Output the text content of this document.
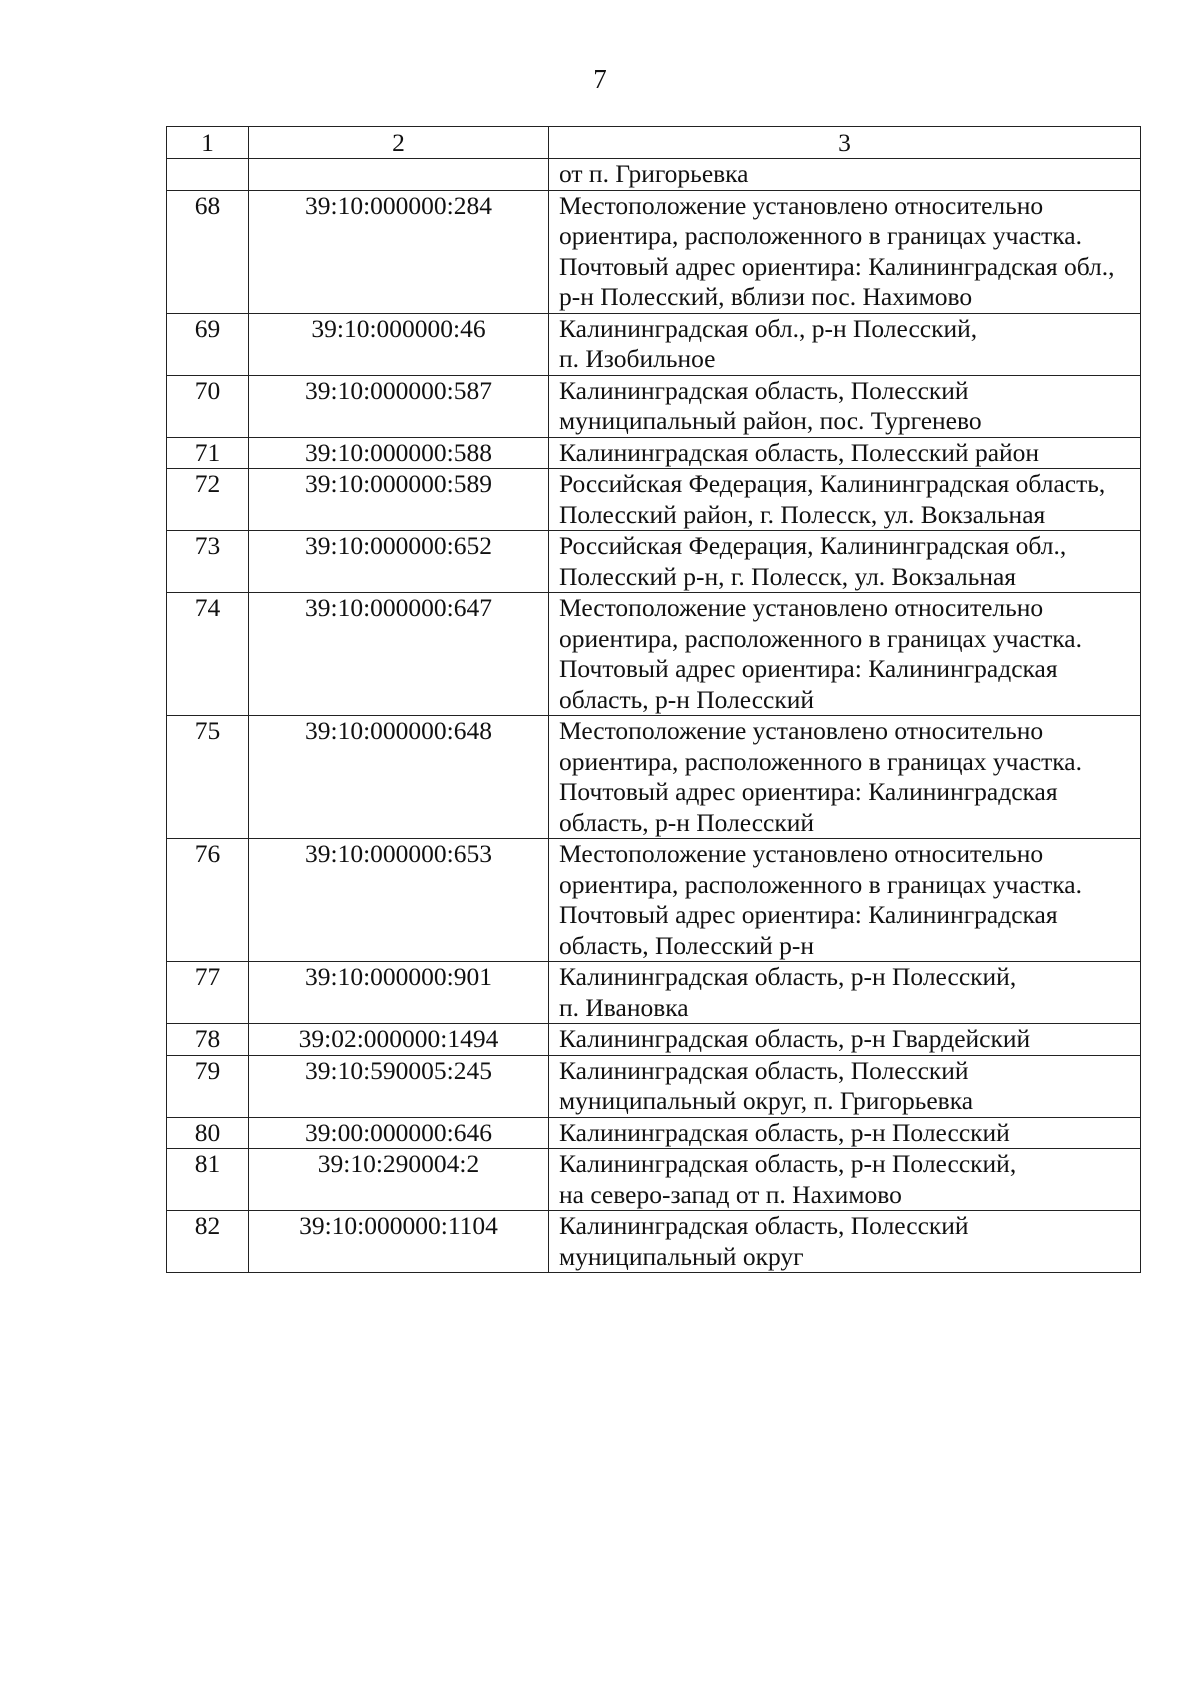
7
1	2	3

		от п. Григорьевка

68	39:10:000000:284	Местоположение установлено относительно
ориентира, расположенного в границах участка.
Почтовый адрес ориентира: Калининградская обл.,
р-н Полесский, вблизи пос. Нахимово

69	39:10:000000:46	Калининградская обл., р-н Полесский,
п. Изобильное

70	39:10:000000:587	Калининградская область, Полесский
муниципальный район, пос. Тургенево

71	39:10:000000:588	Калининградская область, Полесский район

72	39:10:000000:589	Российская Федерация, Калининградская область,
Полесский район, г. Полесск, ул. Вокзальная

73	39:10:000000:652	Российская Федерация, Калининградская обл.,
Полесский р-н, г. Полесск, ул. Вокзальная

74	39:10:000000:647	Местоположение установлено относительно
ориентира, расположенного в границах участка.
Почтовый адрес ориентира: Калининградская
область, р-н Полесский

75	39:10:000000:648	Местоположение установлено относительно
ориентира, расположенного в границах участка.
Почтовый адрес ориентира: Калининградская
область, р-н Полесский

76	39:10:000000:653	Местоположение установлено относительно
ориентира, расположенного в границах участка.
Почтовый адрес ориентира: Калининградская
область, Полесский р-н

77	39:10:000000:901	Калининградская область, р-н Полесский,
п. Ивановка

78	39:02:000000:1494	Калининградская область, р-н Гвардейский

79	39:10:590005:245	Калининградская область, Полесский
муниципальный округ, п. Григорьевка

80	39:00:000000:646	Калининградская область, р-н Полесский

81	39:10:290004:2	Калининградская область, р-н Полесский,
на северо-запад от п. Нахимово

82	39:10:000000:1104	Калининградская область, Полесский
муниципальный округ
